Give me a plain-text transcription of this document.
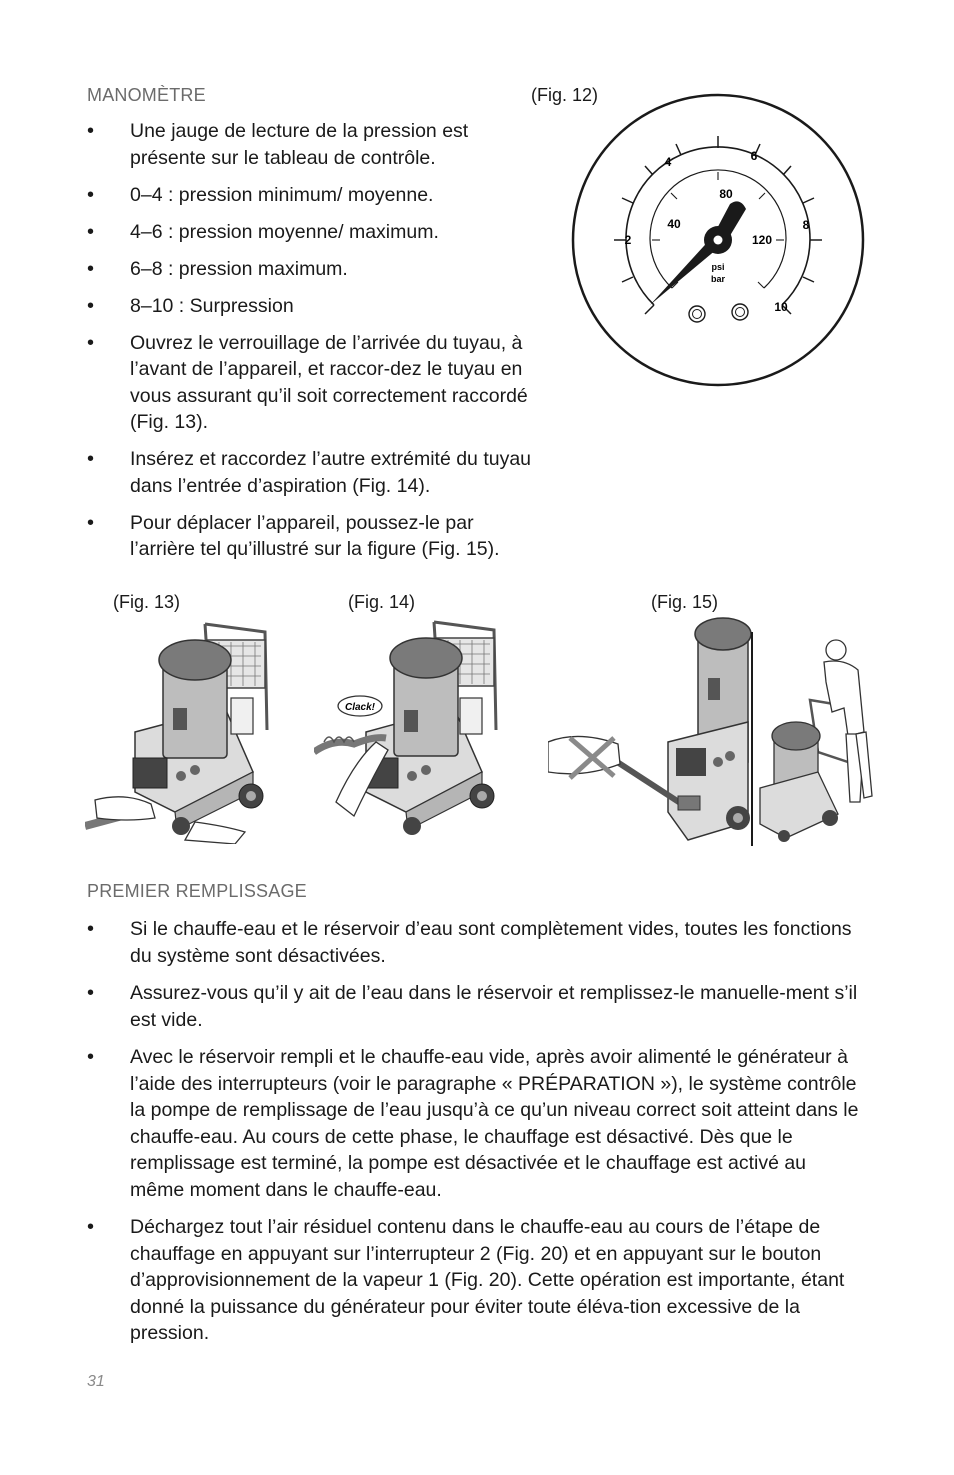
MANOMÈTRE
• Une jauge de lecture de la pression est présente sur le tableau de contrôle.
• 0–4 : pression minimum/ moyenne.
• 4–6 : pression moyenne/ maximum.
• 6–8 : pression maximum.
• 8–10 : Surpression
• Ouvrez le verrouillage de l’arrivée du tuyau, à l’avant de l’appareil, et raccor-dez le tuyau en vous assurant qu’il soit correctement raccordé (Fig. 13).
• Insérez et raccordez l’autre extrémité du tuyau dans l’entrée d’aspiration (Fig. 14).
• Pour déplacer l’appareil, poussez-le par l’arrière tel qu’illustré sur la figure (Fig. 15).
(Fig. 12)
2
4	6
8
10
40
80
120
psi
bar
(Fig. 13)	(Fig. 14)
Clack!
(Fig. 15)
PREMIER REMPLISSAGE
• Si le chauffe-eau et le réservoir d’eau sont complètement vides, toutes les fonctions du système sont désactivées.
• Assurez-vous qu’il y ait de l’eau dans le réservoir et remplissez-le manuelle-ment s’il est vide.
• Avec le réservoir rempli et le chauffe-eau vide, après avoir alimenté le générateur à l’aide des interrupteurs (voir le paragraphe « PRÉPARATION »), le système contrôle la pompe de remplissage de l’eau jusqu’à ce qu’un niveau correct soit atteint dans le chauffe-eau. Au cours de cette phase, le chauffage est désactivé. Dès que le remplissage est terminé, la pompe est désactivée et le chauffage est activé au même moment dans le chauffe-eau.
• Déchargez tout l’air résiduel contenu dans le chauffe-eau au cours de l’étape de chauffage en appuyant sur l’interrupteur 2 (Fig. 20) et en appuyant sur le bouton d’approvisionnement de la vapeur 1 (Fig. 20). Cette opération est importante, étant donné la puissance du générateur pour éviter toute éléva-tion excessive de la pression.
31
